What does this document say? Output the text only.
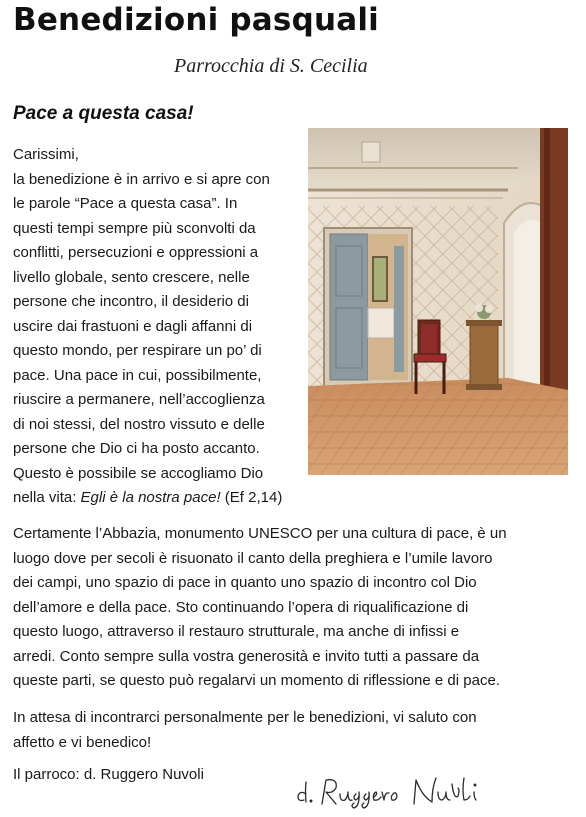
Benedizioni pasquali
Parrocchia di S. Cecilia
Pace a questa casa!
Carissimi,
la benedizione è in arrivo e si apre con
le parole “Pace a questa casa”. In
questi tempi sempre più sconvolti da
conflitti, persecuzioni e oppressioni a
livello globale, sento crescere, nelle
persone che incontro, il desiderio di
uscire dai frastuoni e dagli affanni di
questo mondo, per respirare un po’ di
pace. Una pace in cui, possibilmente,
riuscire a permanere, nell’accoglienza
di noi stessi, del nostro vissuto e delle
persone che Dio ci ha posto accanto.
Questo è possibile se accogliamo Dio
nella vita: Egli è la nostra pace! (Ef 2,14)
Certamente l’Abbazia, monumento UNESCO per una cultura di pace, è un
luogo dove per secoli è risuonato il canto della preghiera e l’umile lavoro
dei campi, uno spazio di pace in quanto uno spazio di incontro col Dio
dell’amore e della pace. Sto continuando l’opera di riqualificazione di
questo luogo, attraverso il restauro strutturale, ma anche di infissi e
arredi. Conto sempre sulla vostra generosità e invito tutti a passare da
queste parti, se questo può regalarvi un momento di riflessione e di pace.
In attesa di incontrarci personalmente per le benedizioni, vi saluto con
affetto e vi benedico!
Il parroco: d. Ruggero Nuvoli
